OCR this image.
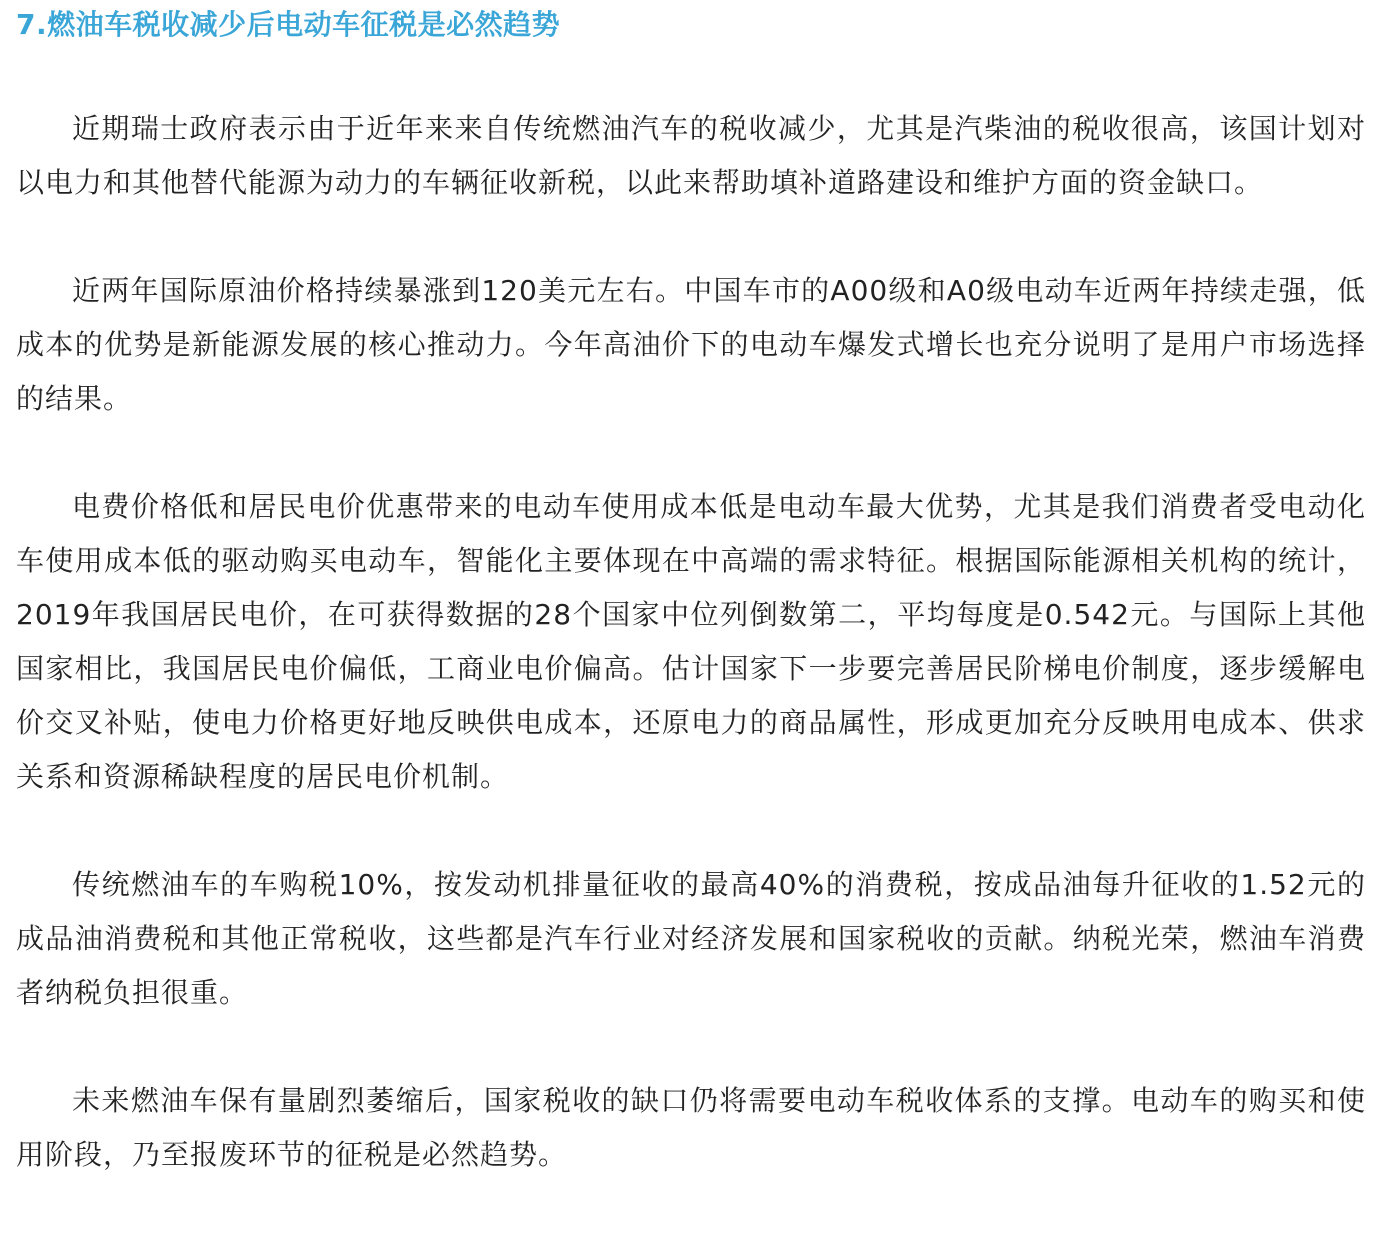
7.燃油车税收减少后电动车征税是必然趋势

近期瑞士政府表示由于近年来来自传统燃油汽车的税收减少，尤其是汽柴油的税收很高，该国计划对以电力和其他替代能源为动力的车辆征收新税，以此来帮助填补道路建设和维护方面的资金缺口。

近两年国际原油价格持续暴涨到120美元左右。中国车市的A00级和A0级电动车近两年持续走强，低成本的优势是新能源发展的核心推动力。今年高油价下的电动车爆发式增长也充分说明了是用户市场选择的结果。

电费价格低和居民电价优惠带来的电动车使用成本低是电动车最大优势，尤其是我们消费者受电动化车使用成本低的驱动购买电动车，智能化主要体现在中高端的需求特征。根据国际能源相关机构的统计，2019年我国居民电价，在可获得数据的28个国家中位列倒数第二，平均每度是0.542元。与国际上其他国家相比，我国居民电价偏低，工商业电价偏高。估计国家下一步要完善居民阶梯电价制度，逐步缓解电价交叉补贴，使电力价格更好地反映供电成本，还原电力的商品属性，形成更加充分反映用电成本、供求关系和资源稀缺程度的居民电价机制。

传统燃油车的车购税10%，按发动机排量征收的最高40%的消费税，按成品油每升征收的1.52元的成品油消费税和其他正常税收，这些都是汽车行业对经济发展和国家税收的贡献。纳税光荣，燃油车消费者纳税负担很重。

未来燃油车保有量剧烈萎缩后，国家税收的缺口仍将需要电动车税收体系的支撑。电动车的购买和使用阶段，乃至报废环节的征税是必然趋势。
